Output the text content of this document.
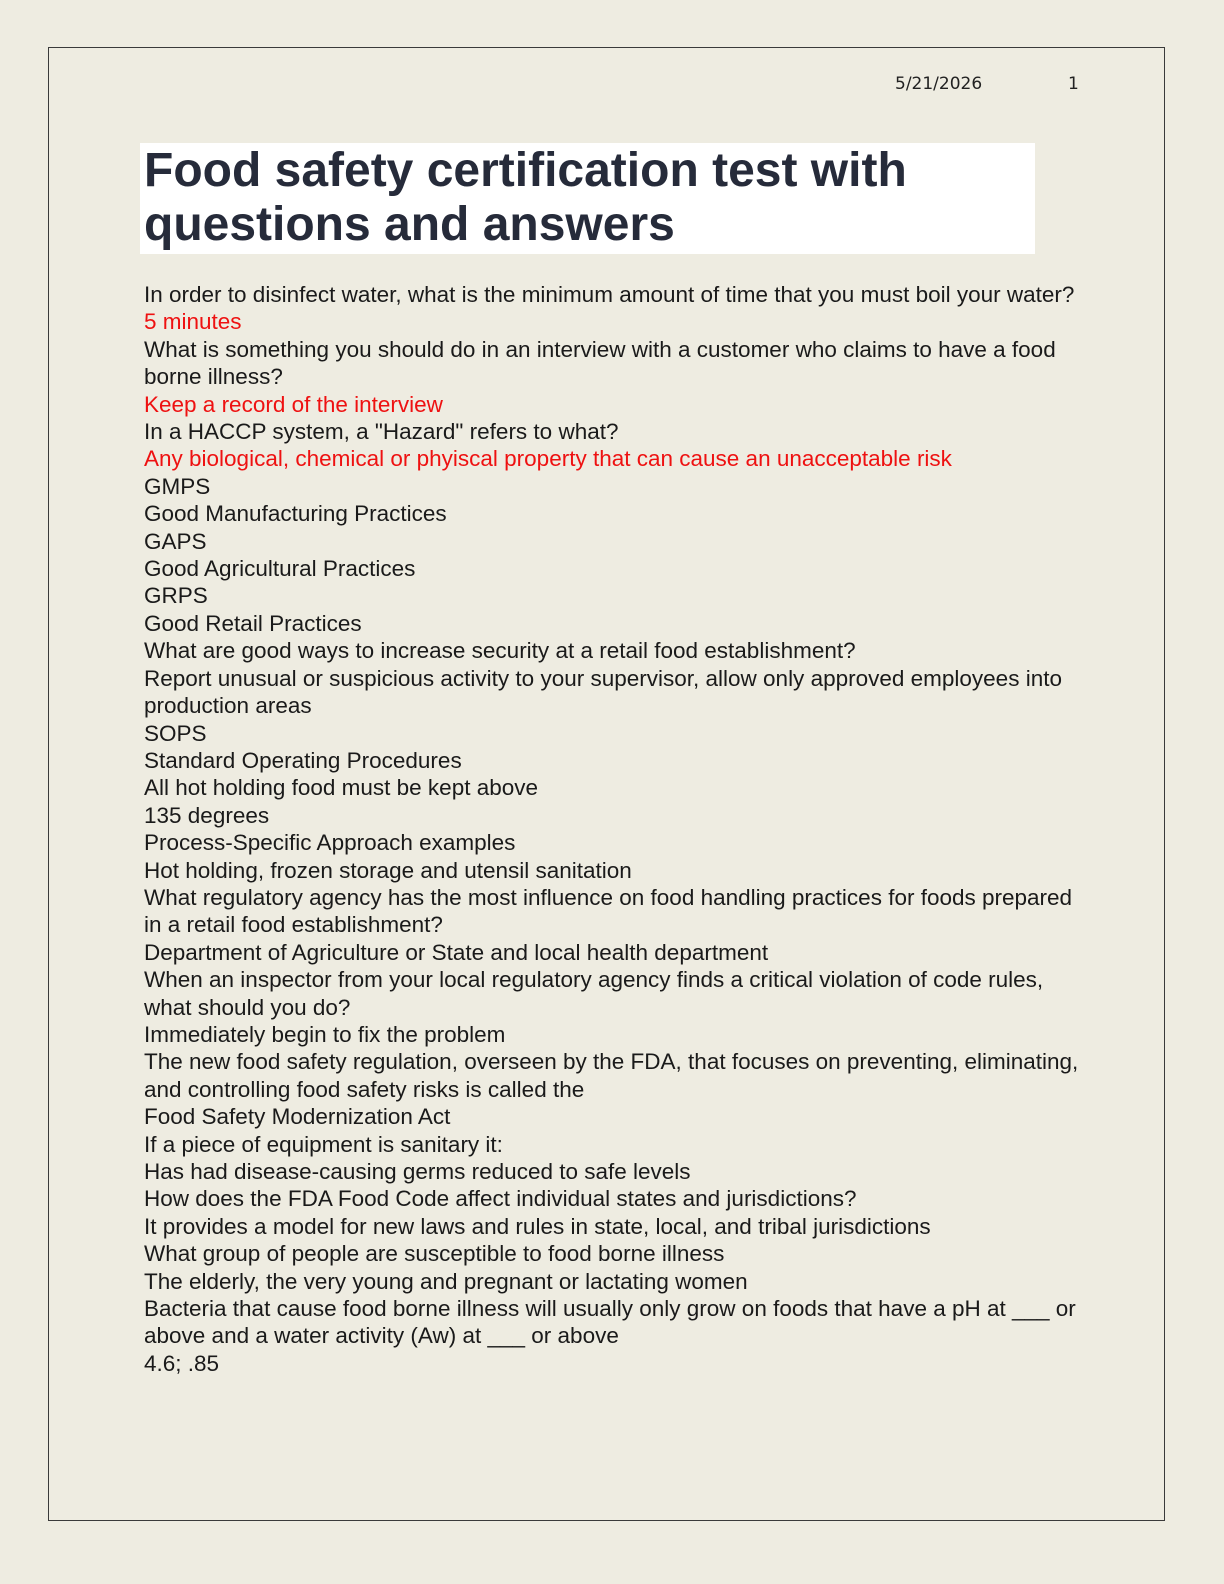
5/21/2026	1
Food safety certification test with questions and answers

In order to disinfect water, what is the minimum amount of time that you must boil your water?

5 minutes

What is something you should do in an interview with a customer who claims to have a food borne illness?

Keep a record of the interview

In a HACCP system, a "Hazard" refers to what?

Any biological, chemical or phyiscal property that can cause an unacceptable risk

GMPS

Good Manufacturing Practices

GAPS

Good Agricultural Practices

GRPS

Good Retail Practices

What are good ways to increase security at a retail food establishment?

Report unusual or suspicious activity to your supervisor, allow only approved employees into production areas

SOPS

Standard Operating Procedures

All hot holding food must be kept above

135 degrees

Process-Specific Approach examples

Hot holding, frozen storage and utensil sanitation

What regulatory agency has the most influence on food handling practices for foods prepared in a retail food establishment?

Department of Agriculture or State and local health department

When an inspector from your local regulatory agency finds a critical violation of code rules, what should you do?

Immediately begin to fix the problem

The new food safety regulation, overseen by the FDA, that focuses on preventing, eliminating, and controlling food safety risks is called the

Food Safety Modernization Act

If a piece of equipment is sanitary it:

Has had disease-causing germs reduced to safe levels

How does the FDA Food Code affect individual states and jurisdictions?

It provides a model for new laws and rules in state, local, and tribal jurisdictions

What group of people are susceptible to food borne illness

The elderly, the very young and pregnant or lactating women

Bacteria that cause food borne illness will usually only grow on foods that have a pH at ___ or above and a water activity (Aw) at ___ or above

4.6; .85
